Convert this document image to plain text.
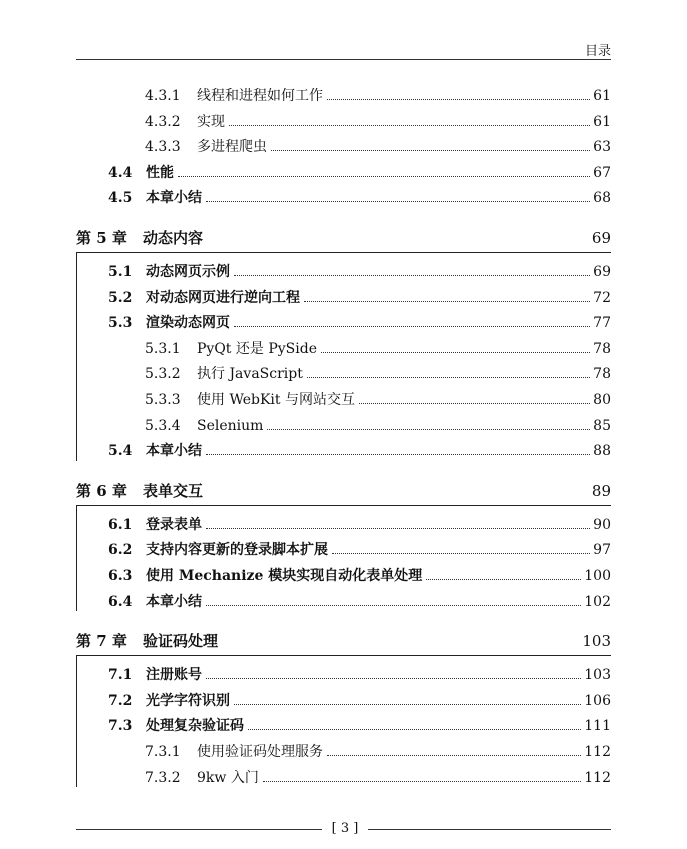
目录
4.3.1 线程和进程如何工作	61
4.3.2 实现	61
4.3.3 多进程爬虫	63
4.4 性能	67
4.5 本章小结	68
第 5 章 动态内容	69
5.1 动态网页示例	69
5.2 对动态网页进行逆向工程	72
5.3 渲染动态网页	77
5.3.1 PyQt 还是 PySide	78
5.3.2 执行 JavaScript	78
5.3.3 使用 WebKit 与网站交互	80
5.3.4 Selenium	85
5.4 本章小结	88
第 6 章 表单交互	89
6.1 登录表单	90
6.2 支持内容更新的登录脚本扩展	97
6.3 使用 Mechanize 模块实现自动化表单处理	100
6.4 本章小结	102
第 7 章 验证码处理	103
7.1 注册账号	103
7.2 光学字符识别	106
7.3 处理复杂验证码	111
7.3.1 使用验证码处理服务	112
7.3.2 9kw 入门	112
[ 3 ]
